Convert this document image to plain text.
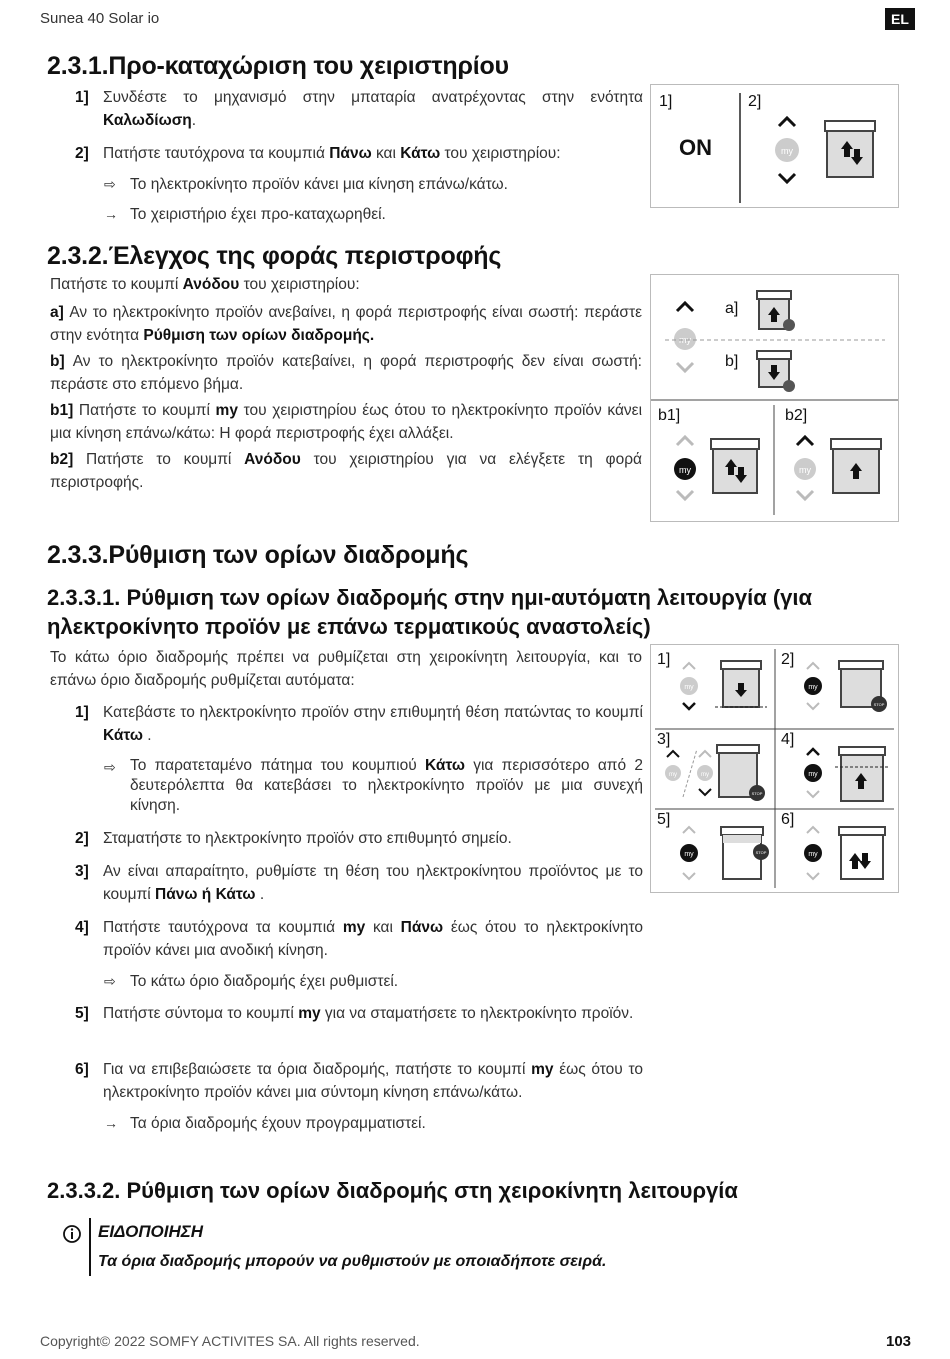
Sunea 40 Solar io	EL
2.3.1.Προ-καταχώριση του χειριστηρίου
1] Συνδέστε το μηχανισμό στην μπαταρία ανατρέχοντας στην ενότητα Καλωδίωση.
2] Πατήστε ταυτόχρονα τα κουμπιά Πάνω και Κάτω του χειριστηρίου:
⇨ Το ηλεκτροκίνητο προϊόν κάνει μια κίνηση επάνω/κάτω.
→ Το χειριστήριο έχει προ-καταχωρηθεί.
1]	2]
ON	my
2.3.2.Έλεγχος της φοράς περιστροφής
Πατήστε το κουμπί Ανόδου του χειριστηρίου:
a] Αν το ηλεκτροκίνητο προϊόν ανεβαίνει, η φορά περιστροφής είναι σωστή: περάστε στην ενότητα Ρύθμιση των ορίων διαδρομής.
b] Αν το ηλεκτροκίνητο προϊόν κατεβαίνει, η φορά περιστροφής δεν είναι σωστή: περάστε στο επόμενο βήμα.
b1] Πατήστε το κουμπί my του χειριστηρίου έως ότου το ηλεκτροκίνητο προϊόν κάνει μια κίνηση επάνω/κάτω: Η φορά περιστροφής έχει αλλάξει.
b2] Πατήστε το κουμπί Ανόδου του χειριστηρίου για να ελέγξετε τη φορά περιστροφής.
my
a]
b]
b1]	b2]
my	my
2.3.3.Ρύθμιση των ορίων διαδρομής
2.3.3.1. Ρύθμιση των ορίων διαδρομής στην ημι-αυτόματη λειτουργία (για ηλεκτροκίνητο προϊόν με επάνω τερματικούς αναστολείς)
Το κάτω όριο διαδρομής πρέπει να ρυθμίζεται στη χειροκίνητη λειτουργία, και το επάνω όριο διαδρομής ρυθμίζεται αυτόματα:
1] Κατεβάστε το ηλεκτροκίνητο προϊόν στην επιθυμητή θέση πατώντας το κουμπί Κάτω .
⇨ Το παρατεταμένο πάτημα του κουμπιού Κάτω για περισσότερο από 2 δευτερόλεπτα θα κατεβάσει το ηλεκτροκίνητο προϊόν με μια συνεχή κίνηση.
2] Σταματήστε το ηλεκτροκίνητο προϊόν στο επιθυμητό σημείο.
3] Αν είναι απαραίτητο, ρυθμίστε τη θέση του ηλεκτροκίνητου προϊόντος με το κουμπί Πάνω ή Κάτω .
4] Πατήστε ταυτόχρονα τα κουμπιά my και Πάνω έως ότου το ηλεκτροκίνητο προϊόν κάνει μια ανοδική κίνηση.
⇨ Το κάτω όριο διαδρομής έχει ρυθμιστεί.
5] Πατήστε σύντομα το κουμπί my για να σταματήσετε το ηλεκτροκίνητο προϊόν.
6] Για να επιβεβαιώσετε τα όρια διαδρομής, πατήστε το κουμπί my έως ότου το ηλεκτροκίνητο προϊόν κάνει μια σύντομη κίνηση επάνω/κάτω.
→ Τα όρια διαδρομής έχουν προγραμματιστεί.
1]	2]
3]	4]
5]	6]
my	my
STOP
my	my
STOP
my
my	STOP	my
2.3.3.2. Ρύθμιση των ορίων διαδρομής στη χειροκίνητη λειτουργία
ΕΙΔΟΠΟΙΗΣΗ
Τα όρια διαδρομής μπορούν να ρυθμιστούν με οποιαδήποτε σειρά.
Copyright© 2022 SOMFY ACTIVITES SA. All rights reserved.	103
